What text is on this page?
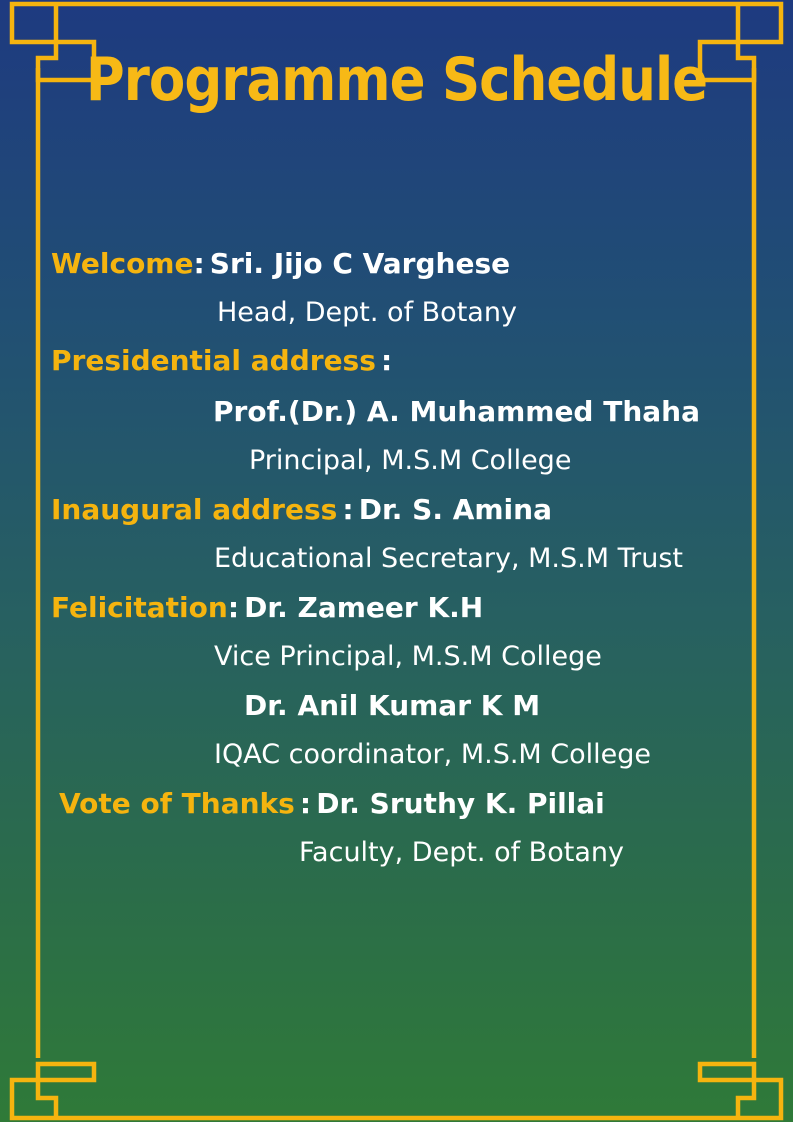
Programme Schedule
Welcome: Sri. Jijo C Varghese
Head, Dept. of Botany
Presidential address :
Prof.(Dr.) A. Muhammed Thaha
Principal, M.S.M College
Inaugural address : Dr. S. Amina
Educational Secretary, M.S.M Trust
Felicitation: Dr. Zameer K.H
Vice Principal, M.S.M College
Dr. Anil Kumar K M
IQAC coordinator, M.S.M College
Vote of Thanks : Dr. Sruthy K. Pillai
Faculty, Dept. of Botany
